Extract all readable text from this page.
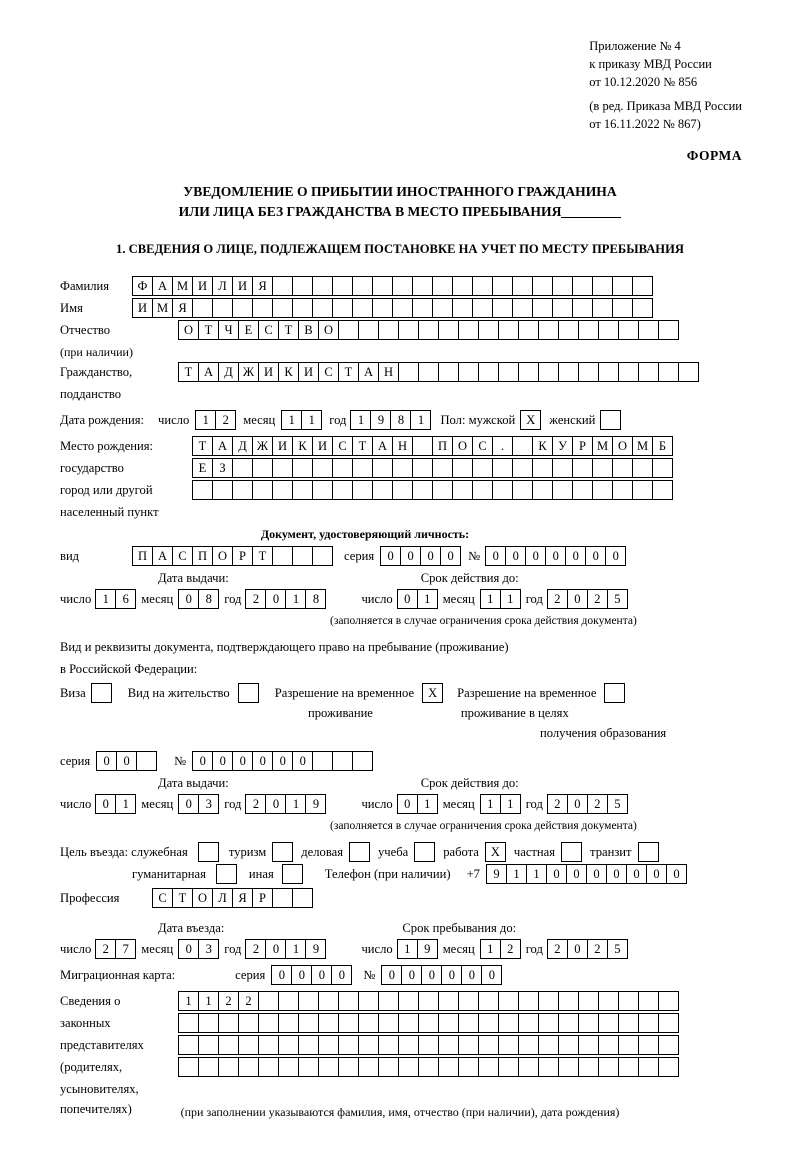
Приложение № 4
к приказу МВД России
от 10.12.2020 № 856
(в ред. Приказа МВД России
от 16.11.2022 № 867)
ФОРМА
УВЕДОМЛЕНИЕ О ПРИБЫТИИ ИНОСТРАННОГО ГРАЖДАНИНА
ИЛИ ЛИЦА БЕЗ ГРАЖДАНСТВА В МЕСТО ПРЕБЫВАНИЯ
1. СВЕДЕНИЯ О ЛИЦЕ, ПОДЛЕЖАЩЕМ ПОСТАНОВКЕ НА УЧЕТ ПО МЕСТУ ПРЕБЫВАНИЯ
Фамилия	Ф А М И Л И Я
Имя	И М Я
Отчество	О Т Ч Е С Т В О
(при наличии)
Гражданство,	Т А Д Ж И К И С Т А Н
подданство
Дата рождения: число	1	2	месяц	1	1	год 1	9	8	1	Пол: мужской Х	женский
Место рождения:	Т А Д Ж И К И С Т А Н	П О С	.	К У Р М О М Б
государство	Е	З
город или другой
населенный пункт
Документ, удостоверяющий личность:
вид	П А С П О Р	Т	серия	0	0	0	0	№ 0	0	0	0	0	0	0
Дата выдачи:	Срок действия до:
число 1	6 месяц 0	8 год 2	0	1	8	число 0	1 месяц 1	1 год 2	0	2	5
(заполняется в случае ограничения срока действия документа)
Вид и реквизиты документа, подтверждающего право на пребывание (проживание)
в Российской Федерации:
Виза	Вид на жительство	Разрешение на временное	Х	Разрешение на временное
проживание	проживание в целях
получения образования
серия	0	0	№	0	0	0	0	0	0
Дата выдачи:	Срок действия до:
число 0	1 месяц 0	3 год 2	0	1	9	число 0	1 месяц 1	1 год 2	0	2	5
(заполняется в случае ограничения срока действия документа)
Цель въезда: служебная	туризм	деловая	учеба	работа Х	частная	транзит
гуманитарная	иная	Телефон (при наличии) +7	9	1	1	0	0	0	0	0	0	0
Профессия	С Т О Л Я Р
Дата въезда:	Срок пребывания до:
число 2	7 месяц 0	3 год 2	0	1	9	число 1	9 месяц 1	2 год 2	0	2	5
Миграционная карта:	серия	0	0	0	0	№	0	0	0	0	0	0
Сведения о	1	1	2	2
законных
представителях
(родителях,
усыновителях,
попечителях)	(при заполнении указываются фамилия, имя, отчество (при наличии), дата рождения)
